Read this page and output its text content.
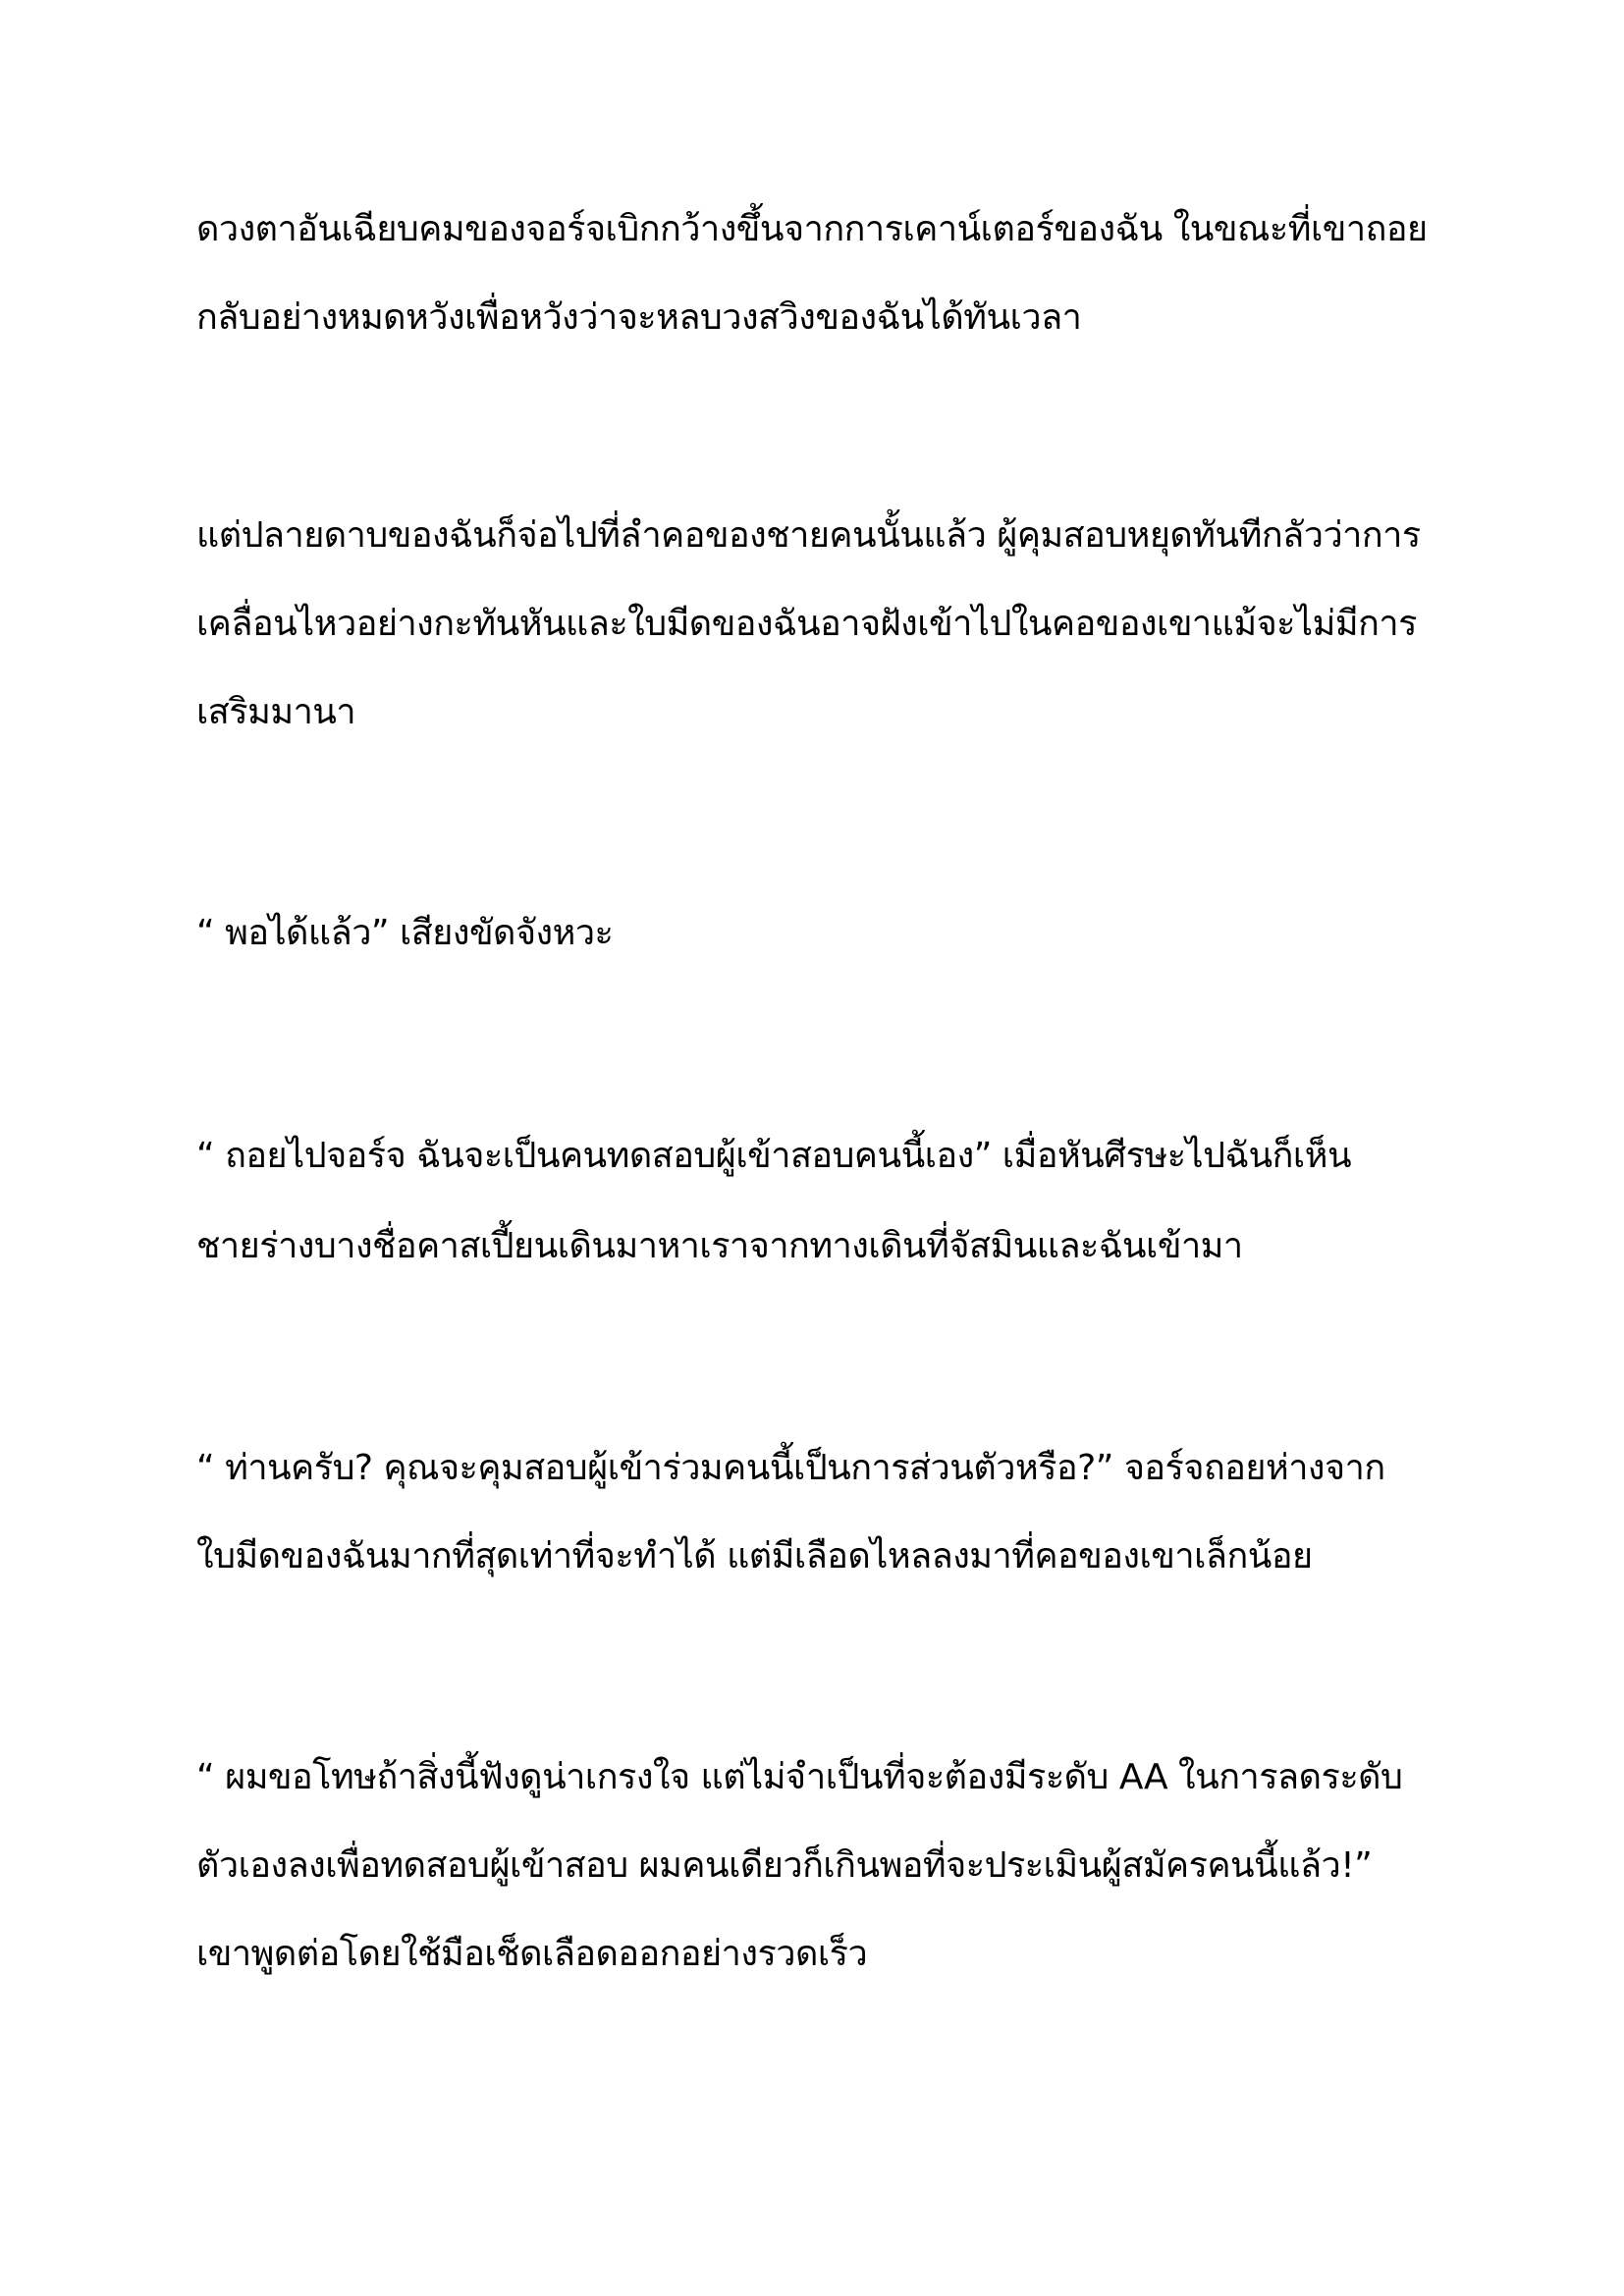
ดวงตาอันเฉียบคมของจอร์จเบิกกว้างขึ้นจากการเคาน์เตอร์ของฉัน ในขณะที่เขาถอย

กลับอย่างหมดหวังเพื่อหวังว่าจะหลบวงสวิงของฉันได้ทันเวลา

แต่ปลายดาบของฉันก็จ่อไปที่ลำคอของชายคนนั้นแล้ว ผู้คุมสอบหยุดทันทีกลัวว่าการ

เคลื่อนไหวอย่างกะทันหันและใบมีดของฉันอาจฝังเข้าไปในคอของเขาแม้จะไม่มีการ

เสริมมานา

“ พอได้แล้ว” เสียงขัดจังหวะ

“ ถอยไปจอร์จ ฉันจะเป็นคนทดสอบผู้เข้าสอบคนนี้เอง” เมื่อหันศีรษะไปฉันก็เห็น

ชายร่างบางชื่อคาสเปี้ยนเดินมาหาเราจากทางเดินที่จัสมินและฉันเข้ามา

“ ท่านครับ? คุณจะคุมสอบผู้เข้าร่วมคนนี้เป็นการส่วนตัวหรือ?” จอร์จถอยห่างจาก

ใบมีดของฉันมากที่สุดเท่าที่จะทำได้ แต่มีเลือดไหลลงมาที่คอของเขาเล็กน้อย

“ ผมขอโทษถ้าสิ่งนี้ฟังดูน่าเกรงใจ แต่ไม่จำเป็นที่จะต้องมีระดับ AA ในการลดระดับ

ตัวเองลงเพื่อทดสอบผู้เข้าสอบ ผมคนเดียวก็เกินพอที่จะประเมินผู้สมัครคนนี้แล้ว!”

เขาพูดต่อโดยใช้มือเช็ดเลือดออกอย่างรวดเร็ว
